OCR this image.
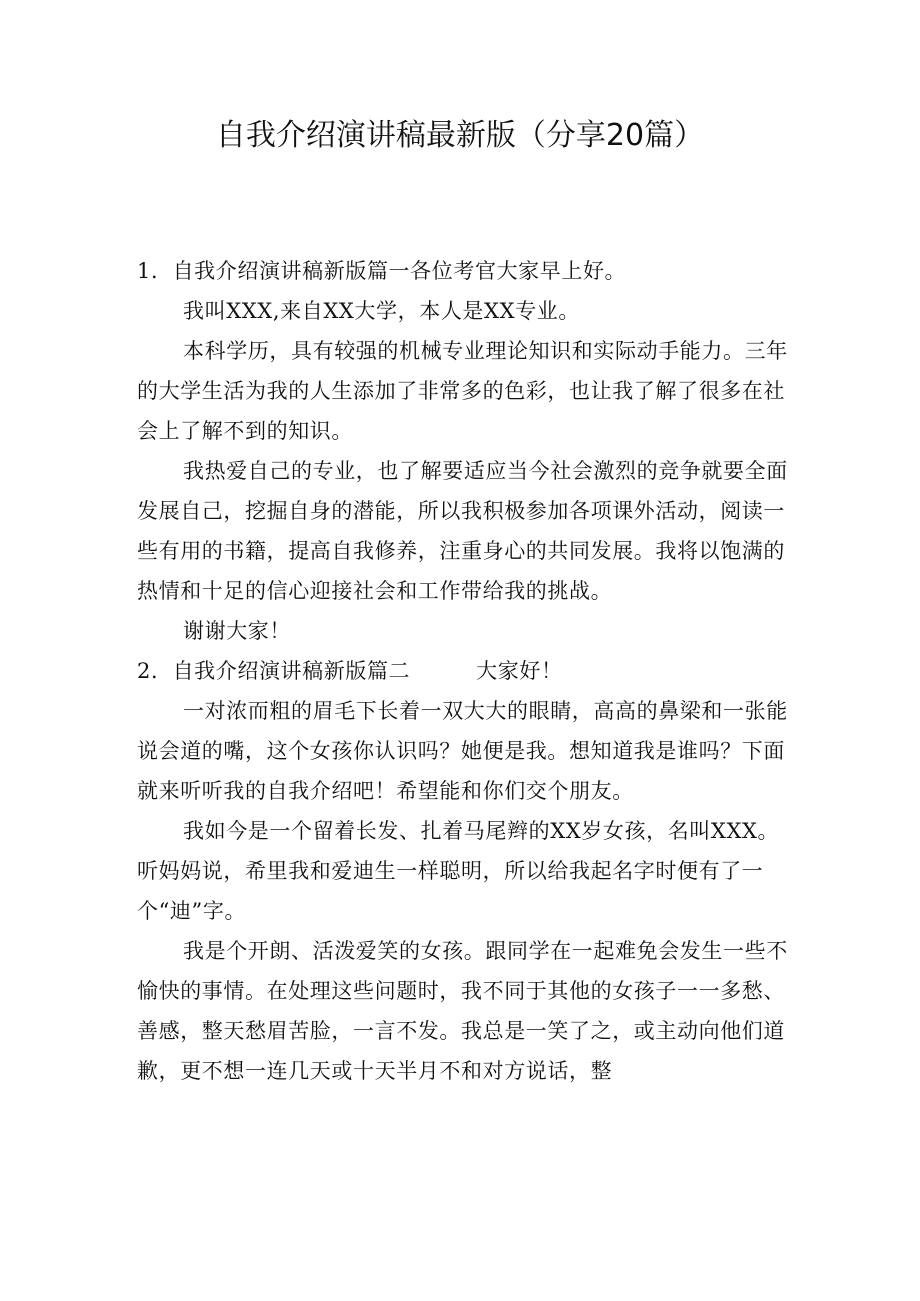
自我介绍演讲稿最新版（分享20篇）

1．自我介绍演讲稿新版篇一各位考官大家早上好。

我叫XXX,来自XX大学，本人是XX专业。

本科学历，具有较强的机械专业理论知识和实际动手能力。三年的大学生活为我的人生添加了非常多的色彩，也让我了解了很多在社会上了解不到的知识。

我热爱自己的专业，也了解要适应当今社会激烈的竞争就要全面发展自己，挖掘自身的潜能，所以我积极参加各项课外活动，阅读一些有用的书籍，提高自我修养，注重身心的共同发展。我将以饱满的热情和十足的信心迎接社会和工作带给我的挑战。

谢谢大家！

2．自我介绍演讲稿新版篇二	大家好！

一对浓而粗的眉毛下长着一双大大的眼睛，高高的鼻梁和一张能说会道的嘴，这个女孩你认识吗？她便是我。想知道我是谁吗？下面就来听听我的自我介绍吧！希望能和你们交个朋友。

我如今是一个留着长发、扎着马尾辫的XX岁女孩，名叫XXX。听妈妈说，希里我和爱迪生一样聪明，所以给我起名字时便有了一个“迪”字。

我是个开朗、活泼爱笑的女孩。跟同学在一起难免会发生一些不愉快的事情。在处理这些问题时，我不同于其他的女孩子一一多愁、善感，整天愁眉苦脸，一言不发。我总是一笑了之，或主动向他们道歉，更不想一连几天或十天半月不和对方说话，整
